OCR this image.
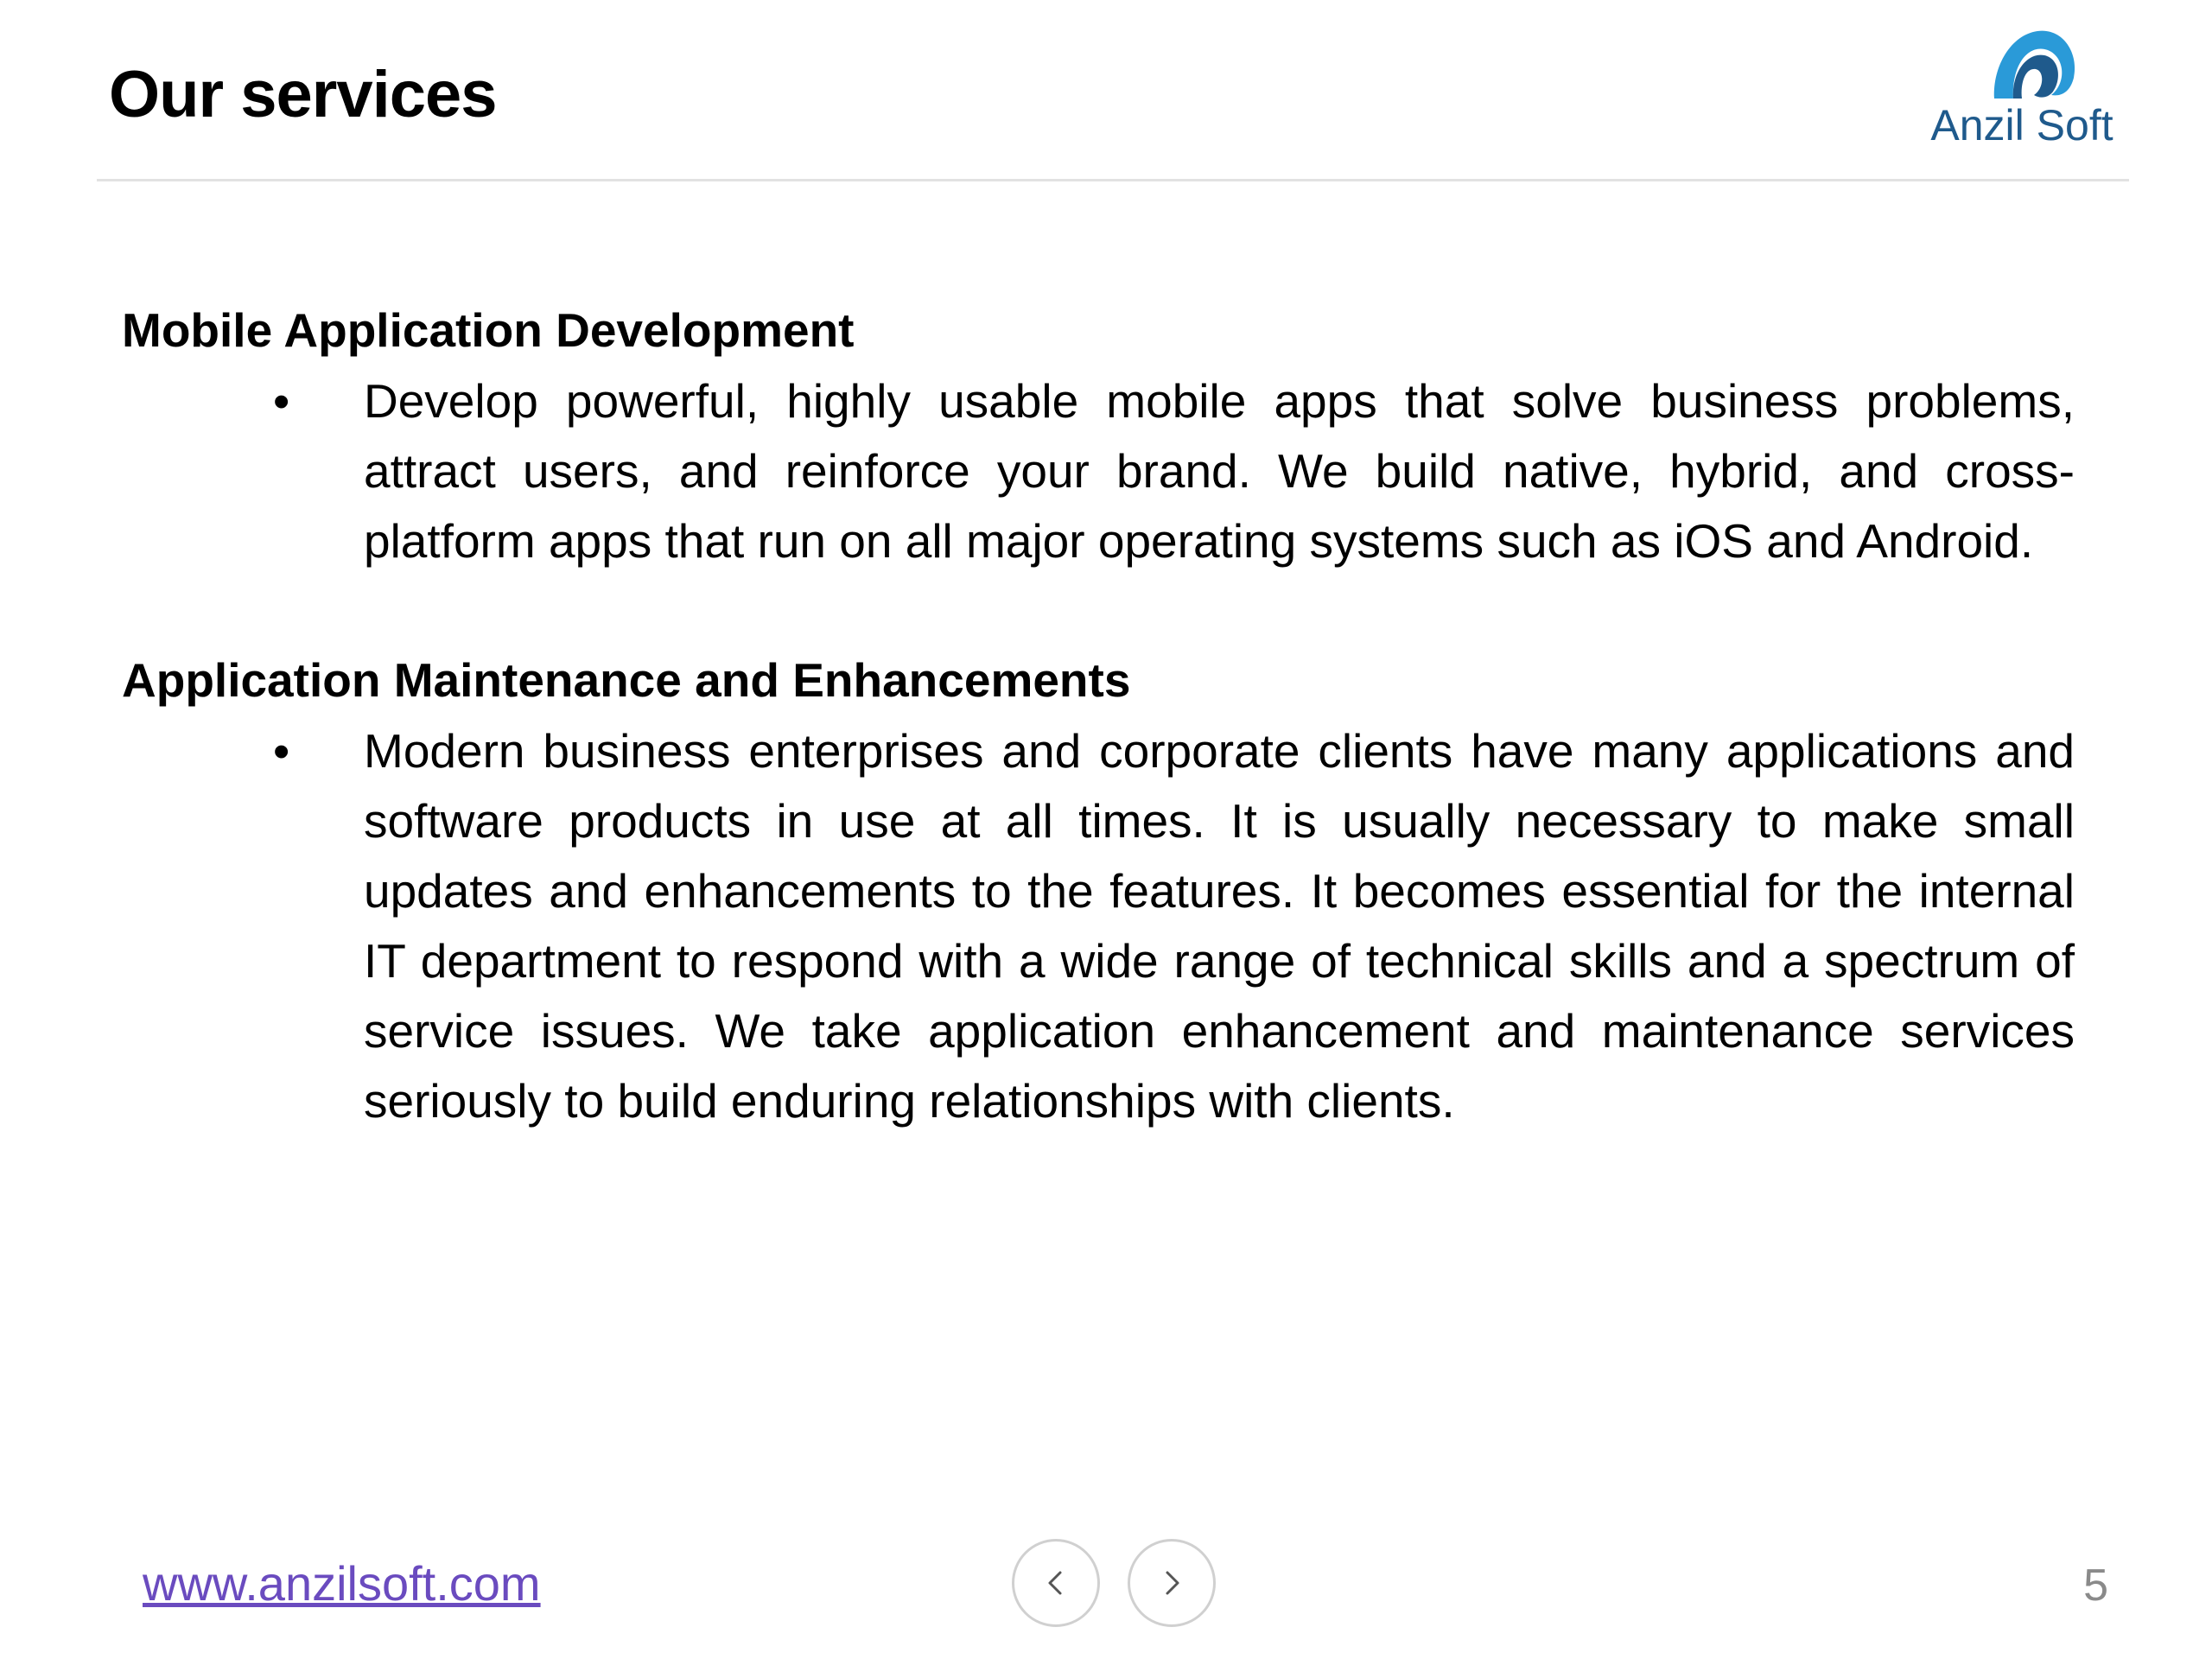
Our services	Anzil Soft
Mobile Application Development
• Develop powerful, highly usable mobile apps that solve business problems, attract users, and reinforce your brand. We build native, hybrid, and cross-platform apps that run on all major operating systems such as iOS and Android.

Application Maintenance and Enhancements
• Modern business enterprises and corporate clients have many applications and software products in use at all times. It is usually necessary to make small updates and enhancements to the features. It becomes essential for the internal IT department to respond with a wide range of technical skills and a spectrum of service issues. We take application enhancement and maintenance services seriously to build enduring relationships with clients.

www.anzilsoft.com	5
